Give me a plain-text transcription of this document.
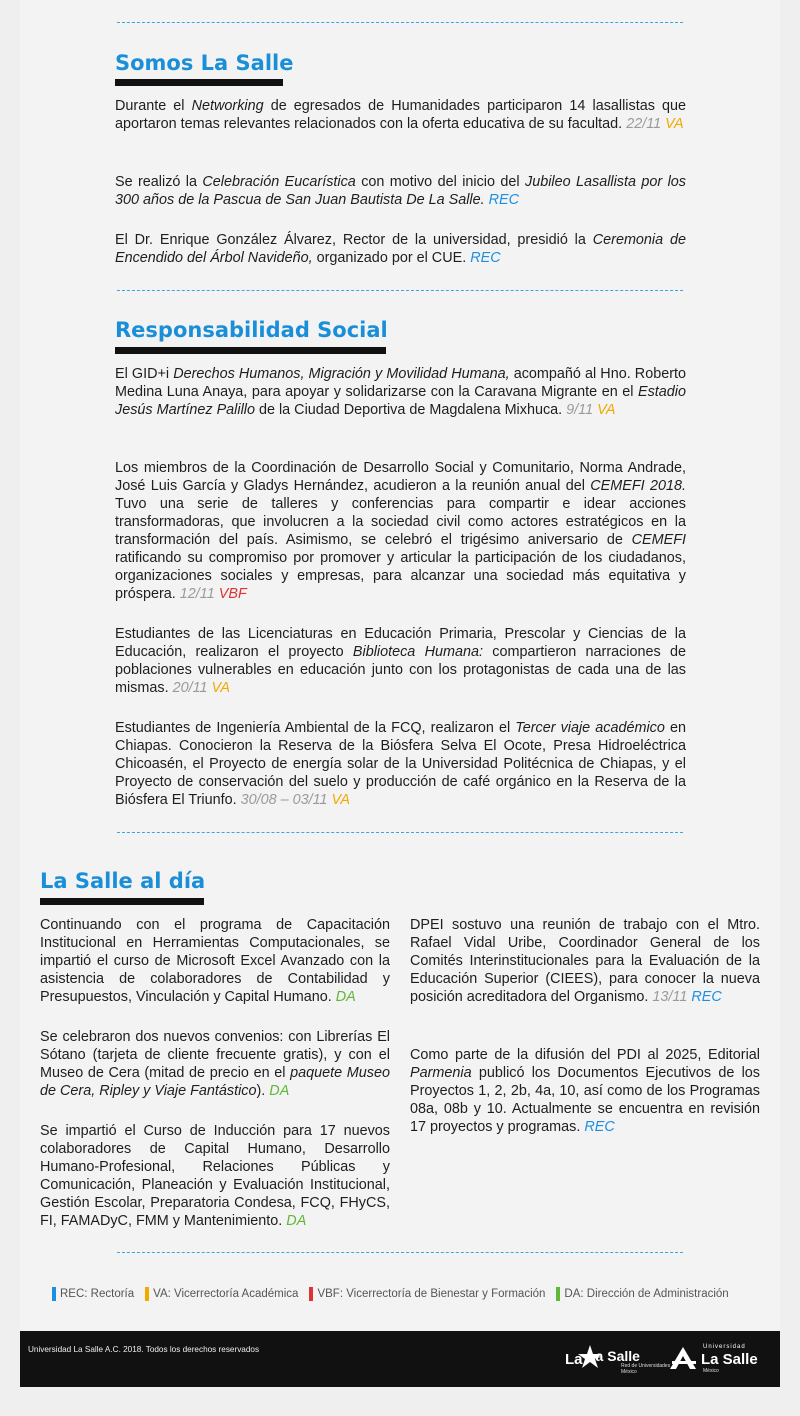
Somos La Salle

Durante el Networking de egresados de Humanidades participaron 14 lasallistas que aportaron temas relevantes relacionados con la oferta educativa de su facultad. 22/11 VA

Se realizó la Celebración Eucarística con motivo del inicio del Jubileo Lasallista por los 300 años de la Pascua de San Juan Bautista De La Salle. REC

El Dr. Enrique González Álvarez, Rector de la universidad, presidió la Ceremonia de Encendido del Árbol Navideño, organizado por el CUE. REC

Responsabilidad Social

El GID+i Derechos Humanos, Migración y Movilidad Humana, acompañó al Hno. Roberto Medina Luna Anaya, para apoyar y solidarizarse con la Caravana Migrante en el Estadio Jesús Martínez Palillo de la Ciudad Deportiva de Magdalena Mixhuca. 9/11 VA

Los miembros de la Coordinación de Desarrollo Social y Comunitario, Norma Andrade, José Luis García y Gladys Hernández, acudieron a la reunión anual del CEMEFI 2018. Tuvo una serie de talleres y conferencias para compartir e idear acciones transformadoras, que involucren a la sociedad civil como actores estratégicos en la transformación del país. Asimismo, se celebró el trigésimo aniversario de CEMEFI ratificando su compromiso por promover y articular la participación de los ciudadanos, organizaciones sociales y empresas, para alcanzar una sociedad más equitativa y próspera. 12/11 VBF

Estudiantes de las Licenciaturas en Educación Primaria, Prescolar y Ciencias de la Educación, realizaron el proyecto Biblioteca Humana: compartieron narraciones de poblaciones vulnerables en educación junto con los protagonistas de cada una de las mismas. 20/11 VA

Estudiantes de Ingeniería Ambiental de la FCQ, realizaron el Tercer viaje académico en Chiapas. Conocieron la Reserva de la Biósfera Selva El Ocote, Presa Hidroeléctrica Chicoasén, el Proyecto de energía solar de la Universidad Politécnica de Chiapas, y el Proyecto de conservación del suelo y producción de café orgánico en la Reserva de la Biósfera El Triunfo. 30/08 – 03/11 VA

La Salle al día

Continuando con el programa de Capacitación Institucional en Herramientas Computacionales, se impartió el curso de Microsoft Excel Avanzado con la asistencia de colaboradores de Contabilidad y Presupuestos, Vinculación y Capital Humano. DA

Se celebraron dos nuevos convenios: con Librerías El Sótano (tarjeta de cliente frecuente gratis), y con el Museo de Cera (mitad de precio en el paquete Museo de Cera, Ripley y Viaje Fantástico). DA

Se impartió el Curso de Inducción para 17 nuevos colaboradores de Capital Humano, Desarrollo Humano-Profesional, Relaciones Públicas y Comunicación, Planeación y Evaluación Institucional, Gestión Escolar, Preparatoria Condesa, FCQ, FHyCS, FI, FAMADyC, FMM y Mantenimiento. DA

DPEI sostuvo una reunión de trabajo con el Mtro. Rafael Vidal Uribe, Coordinador General de los Comités Interinstitucionales para la Evaluación de la Educación Superior (CIEES), para conocer la nueva posición acreditadora del Organismo. 13/11 REC

Como parte de la difusión del PDI al 2025, Editorial Parmenia publicó los Documentos Ejecutivos de los Proyectos 1, 2, 2b, 4a, 10, así como de los Programas 08a, 08b y 10. Actualmente se encuentra en revisión 17 proyectos y programas. REC

REC: Rectoría VA: Vicerrectoría Académica VBF: Vicerrectoría de Bienestar y Formación DA: Dirección de Administración
Universidad La Salle A.C. 2018. Todos los derechos reservados
La La Salle
Red de Universidades
México
Universidad
La Salle
México
